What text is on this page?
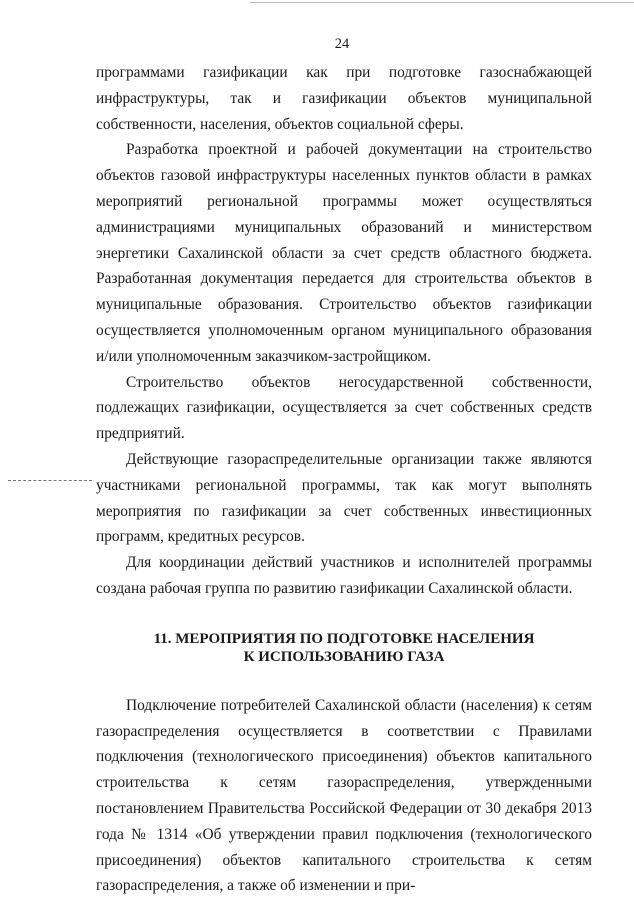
24

программами газификации как при подготовке газоснабжающей инфраструктуры, так и газификации объектов муниципальной собственности, населения, объектов социальной сферы.

Разработка проектной и рабочей документации на строительство объектов газовой инфраструктуры населенных пунктов области в рамках мероприятий региональной программы может осуществляться администрациями муниципальных образований и министерством энергетики Сахалинской области за счет средств областного бюджета. Разработанная документация передается для строительства объектов в муниципальные образования. Строительство объектов газификации осуществляется уполномоченным органом муниципального образования и/или уполномоченным заказчиком-застройщиком.

Строительство объектов негосударственной собственности, подлежащих газификации, осуществляется за счет собственных средств предприятий.

Действующие газораспределительные организации также являются участниками региональной программы, так как могут выполнять мероприятия по газификации за счет собственных инвестиционных программ, кредитных ресурсов.

Для координации действий участников и исполнителей программы создана рабочая группа по развитию газификации Сахалинской области.

11. МЕРОПРИЯТИЯ ПО ПОДГОТОВКЕ НАСЕЛЕНИЯ
К ИСПОЛЬЗОВАНИЮ ГАЗА

Подключение потребителей Сахалинской области (населения) к сетям газораспределения осуществляется в соответствии с Правилами подключения (технологического присоединения) объектов капитального строительства к сетям газораспределения, утвержденными постановлением Правительства Российской Федерации от 30 декабря 2013 года № 1314 «Об утверждении правил подключения (технологического присоединения) объектов капитального строительства к сетям газораспределения, а также об изменении и при-
